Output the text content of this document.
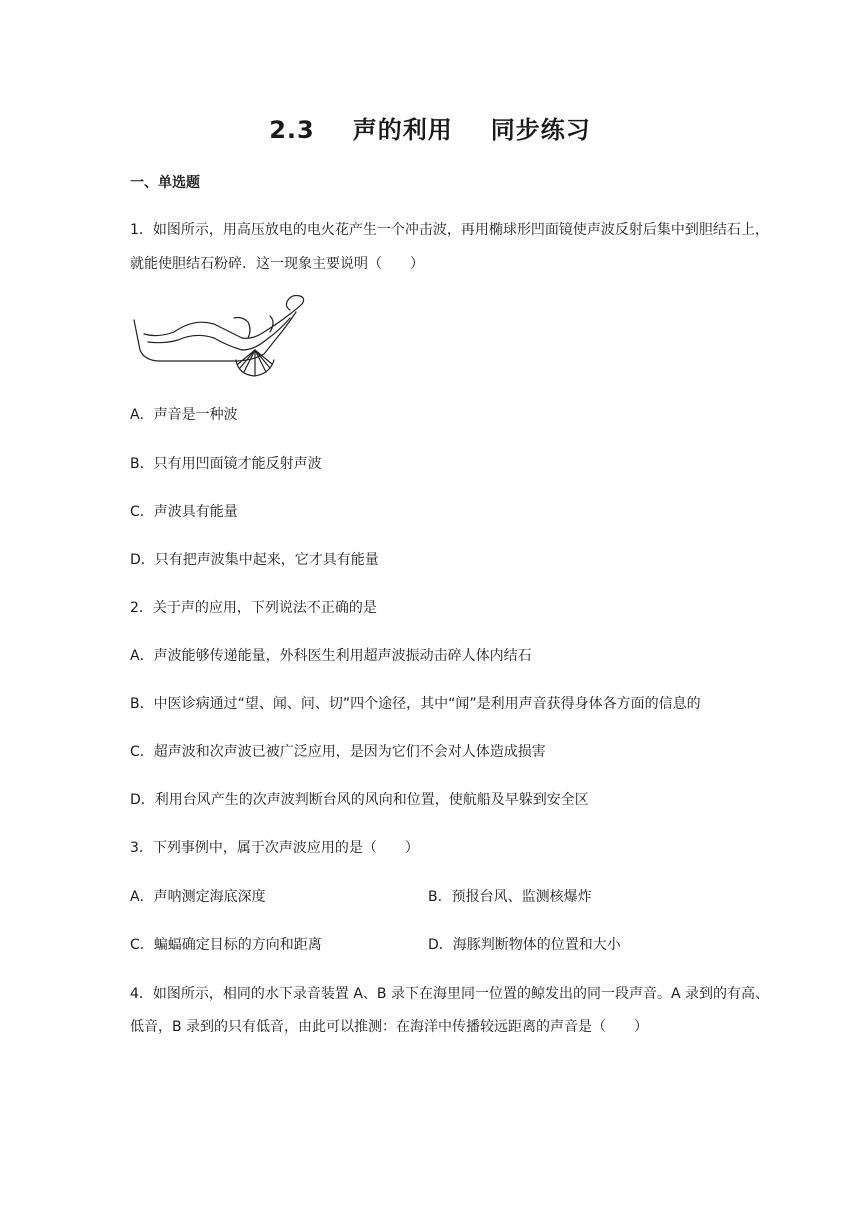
2.3 声的利用 同步练习
一、单选题
1．如图所示，用高压放电的电火花产生一个冲击波，再用椭球形凹面镜使声波反射后集中到胆结石上，
就能使胆结石粉碎．这一现象主要说明（　　）
A．声音是一种波
B．只有用凹面镜才能反射声波
C．声波具有能量
D．只有把声波集中起来，它才具有能量
2．关于声的应用，下列说法不正确的是
A．声波能够传递能量，外科医生利用超声波振动击碎人体内结石
B．中医诊病通过“望、闻、问、切”四个途径，其中“闻”是利用声音获得身体各方面的信息的
C．超声波和次声波已被广泛应用，是因为它们不会对人体造成损害
D．利用台风产生的次声波判断台风的风向和位置，使航船及早躲到安全区
3．下列事例中，属于次声波应用的是（　　）
A．声呐测定海底深度	B．预报台风、监测核爆炸
C．蝙蝠确定目标的方向和距离	D．海豚判断物体的位置和大小
4．如图所示，相同的水下录音装置 A、B 录下在海里同一位置的鲸发出的同一段声音。A 录到的有高、
低音，B 录到的只有低音，由此可以推测：在海洋中传播较远距离的声音是（　　）
